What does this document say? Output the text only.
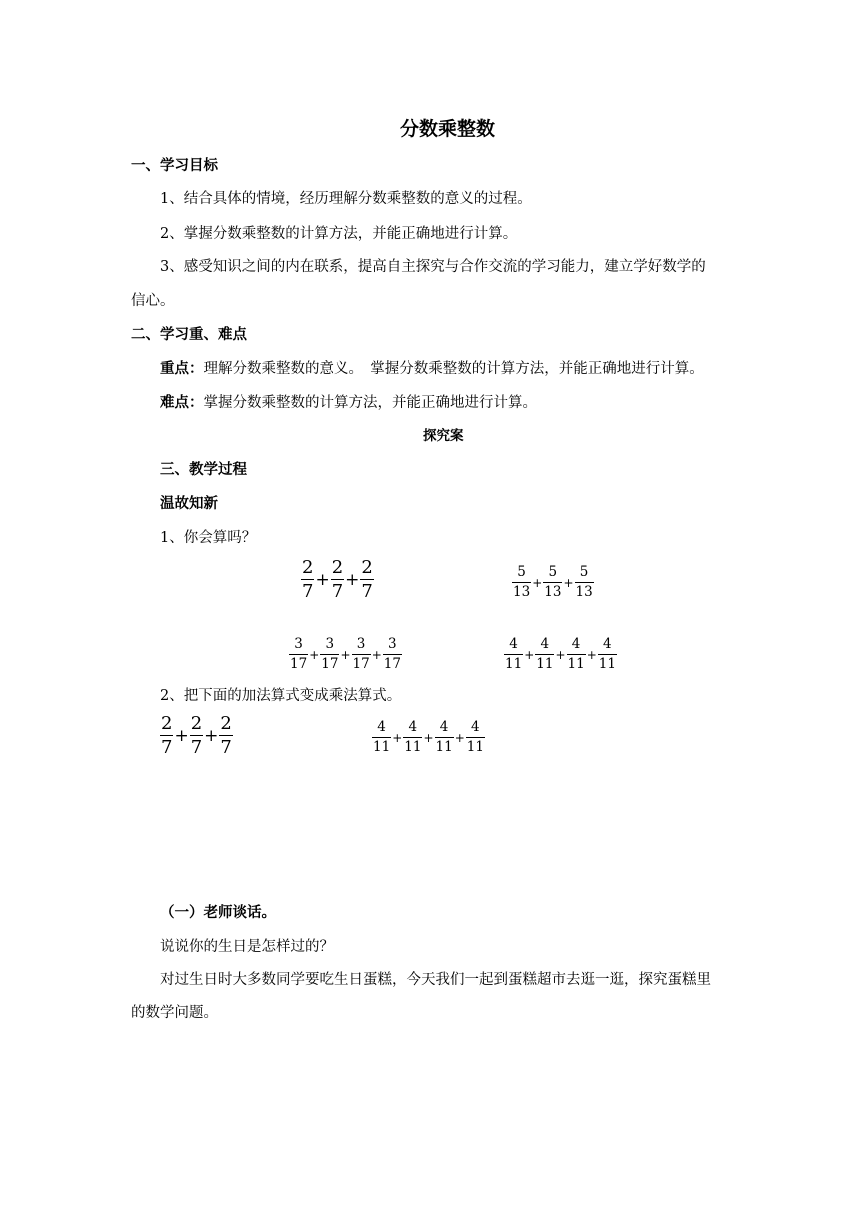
分数乘整数
一、学习目标
1、结合具体的情境，经历理解分数乘整数的意义的过程。
2、掌握分数乘整数的计算方法，并能正确地进行计算。
3、感受知识之间的内在联系，提高自主探究与合作交流的学习能力，建立学好数学的
信心。
二、学习重、难点
重点：理解分数乘整数的意义。　掌握分数乘整数的计算方法，并能正确地进行计算。
难点：掌握分数乘整数的计算方法，并能正确地进行计算。
探究案
三、教学过程
温故知新
1、你会算吗？
$\frac{2}{7} + \frac{2}{7} + \frac{2}{7}$	$\frac{5}{13} + \frac{5}{13} + \frac{5}{13}$
$\frac{3}{17} + \frac{3}{17} + \frac{3}{17} + \frac{3}{17}$	$\frac{4}{11} + \frac{4}{11} + \frac{4}{11} + \frac{4}{11}$
2、把下面的加法算式变成乘法算式。
$\frac{2}{7} + \frac{2}{7} + \frac{2}{7}$	$\frac{4}{11} + \frac{4}{11} + \frac{4}{11} + \frac{4}{11}$
（一）老师谈话。
说说你的生日是怎样过的？
对过生日时大多数同学要吃生日蛋糕，今天我们一起到蛋糕超市去逛一逛，探究蛋糕里
的数学问题。
